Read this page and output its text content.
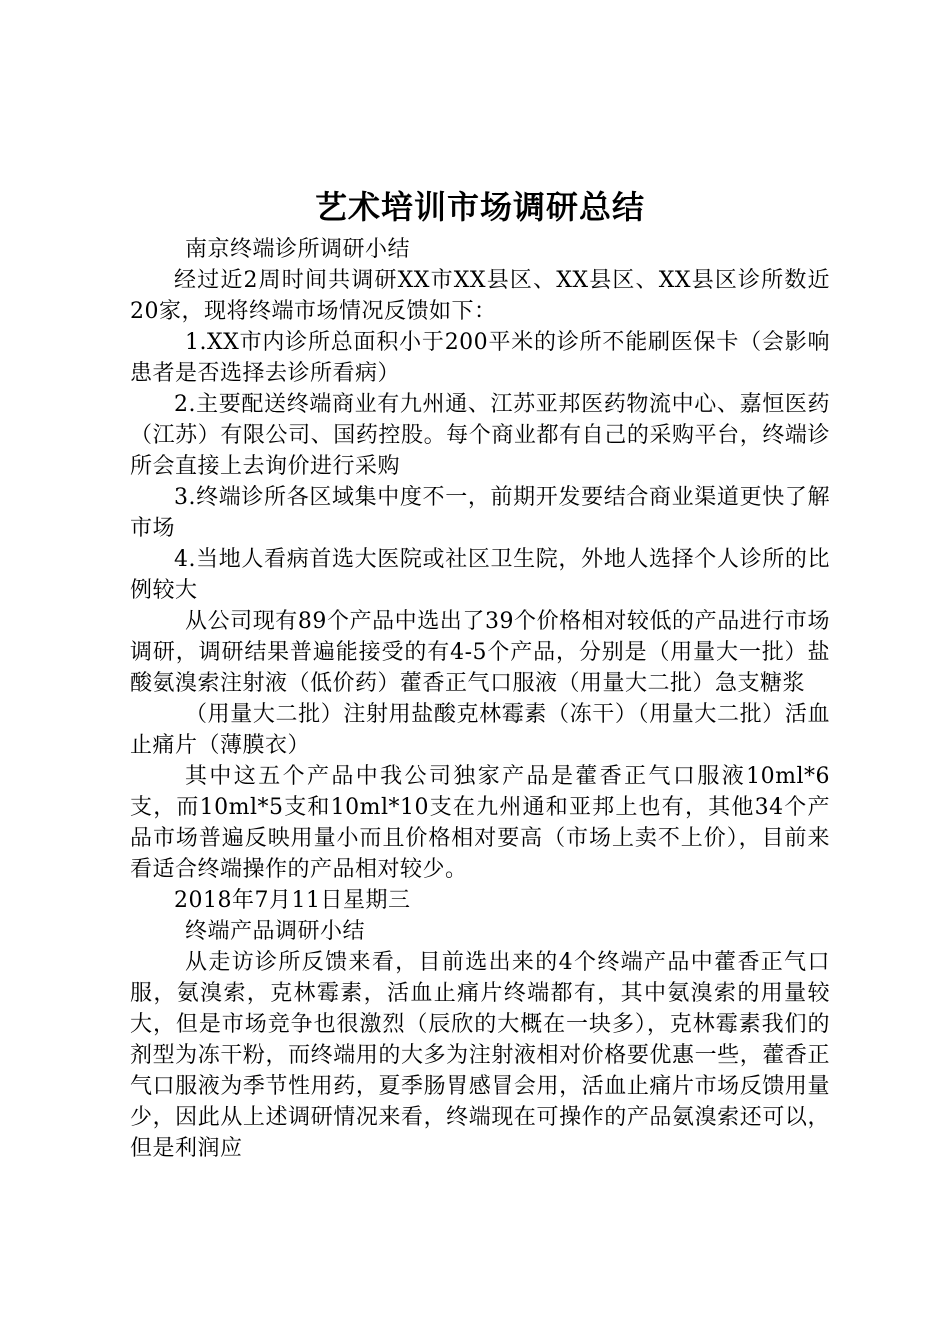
艺术培训市场调研总结

南京终端诊所调研小结

经过近2周时间共调研XX市XX县区、XX县区、XX县区诊所数近20家，现将终端市场情况反馈如下：

1.XX市内诊所总面积小于200平米的诊所不能刷医保卡（会影响患者是否选择去诊所看病）

2.主要配送终端商业有九州通、江苏亚邦医药物流中心、嘉恒医药（江苏）有限公司、国药控股。每个商业都有自己的采购平台，终端诊所会直接上去询价进行采购

3.终端诊所各区域集中度不一，前期开发要结合商业渠道更快了解市场

4.当地人看病首选大医院或社区卫生院，外地人选择个人诊所的比例较大

从公司现有89个产品中选出了39个价格相对较低的产品进行市场调研，调研结果普遍能接受的有4-5个产品，分别是（用量大一批）盐酸氨溴索注射液（低价药）藿香正气口服液（用量大二批）急支糖浆

（用量大二批）注射用盐酸克林霉素（冻干）（用量大二批）活血止痛片（薄膜衣）

其中这五个产品中我公司独家产品是藿香正气口服液10ml*6支，而10ml*5支和10ml*10支在九州通和亚邦上也有，其他34个产品市场普遍反映用量小而且价格相对要高（市场上卖不上价），目前来看适合终端操作的产品相对较少。

2018年7月11日星期三

终端产品调研小结

从走访诊所反馈来看，目前选出来的4个终端产品中藿香正气口服，氨溴索，克林霉素，活血止痛片终端都有，其中氨溴索的用量较大，但是市场竞争也很激烈（辰欣的大概在一块多），克林霉素我们的剂型为冻干粉，而终端用的大多为注射液相对价格要优惠一些，藿香正气口服液为季节性用药，夏季肠胃感冒会用，活血止痛片市场反馈用量少，因此从上述调研情况来看，终端现在可操作的产品氨溴索还可以，但是利润应
